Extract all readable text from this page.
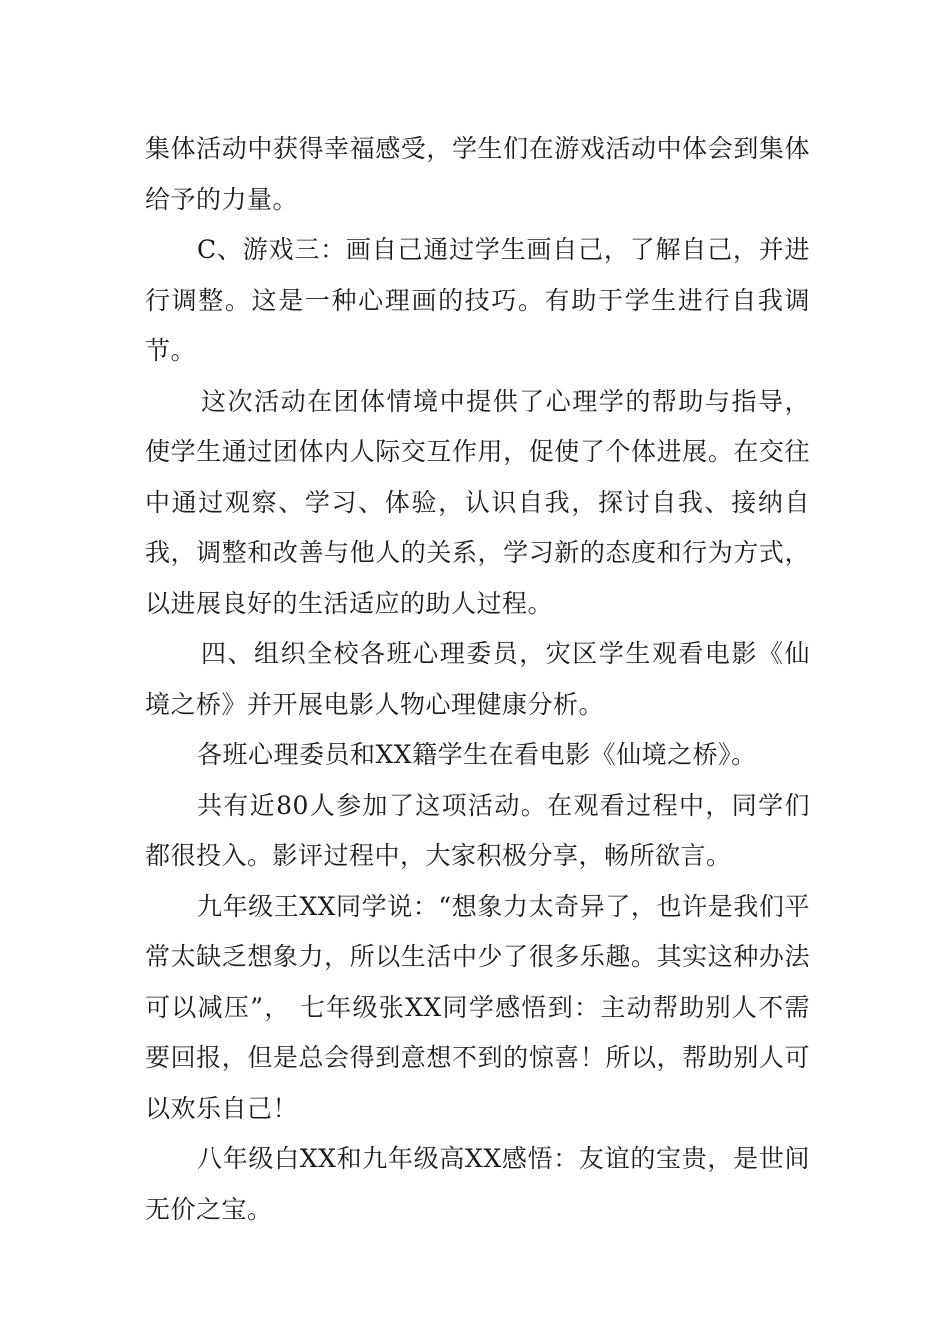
集体活动中获得幸福感受，学生们在游戏活动中体会到集体给予的力量。

C、游戏三：画自己通过学生画自己，了解自己，并进行调整。这是一种心理画的技巧。有助于学生进行自我调节。

这次活动在团体情境中提供了心理学的帮助与指导，使学生通过团体内人际交互作用，促使了个体进展。在交往中通过观察、学习、体验，认识自我，探讨自我、接纳自我，调整和改善与他人的关系，学习新的态度和行为方式，以进展良好的生活适应的助人过程。

四、组织全校各班心理委员，灾区学生观看电影《仙境之桥》并开展电影人物心理健康分析。

各班心理委员和XX籍学生在看电影《仙境之桥》。

共有近80人参加了这项活动。在观看过程中，同学们都很投入。影评过程中，大家积极分享，畅所欲言。

九年级王XX同学说：“想象力太奇异了，也许是我们平常太缺乏想象力，所以生活中少了很多乐趣。其实这种办法可以减压”， 七年级张XX同学感悟到：主动帮助别人不需要回报，但是总会得到意想不到的惊喜！所以，帮助别人可以欢乐自己！

八年级白XX和九年级高XX感悟：友谊的宝贵，是世间无价之宝。
